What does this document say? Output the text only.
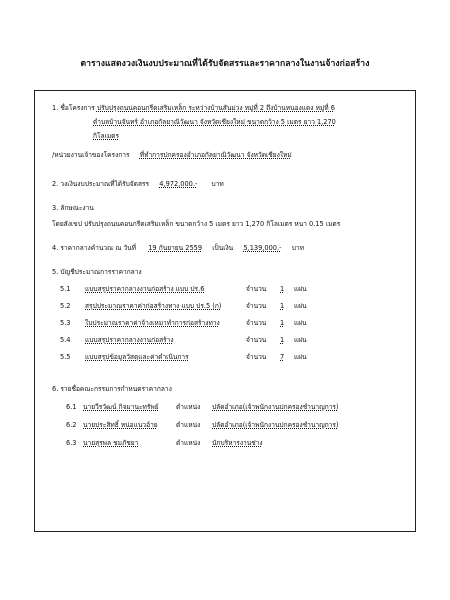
ตารางแสดงวงเงินงบประมาณที่ได้รับจัดสรรและราคากลางในงานจ้างก่อสร้าง
1. ชื่อโครงการ ปรับปรุงถนนคอนกรีตเสริมเหล็ก ระหว่างบ้านสันม่วง หมู่ที่ 2 ถึงบ้านหนองแดง หมู่ที่ 6
ตำบลบ้านจันทร์ อำเภอกัลยาณิวัฒนา จังหวัดเชียงใหม่ ขนาดกว้าง 5 เมตร ยาว 1,270
กิโลเมตร
/หน่วยงานเจ้าของโครงการ ที่ทำการปกครองอำเภอกัลยาณิวัฒนา จังหวัดเชียงใหม่
2. วงเงินงบประมาณที่ได้รับจัดสรร 4,972,000.- บาท
3. ลักษณะงาน
โดยสังเขป ปรับปรุงถนนคอนกรีตเสริมเหล็ก ขนาดกว้าง 5 เมตร ยาว 1,270 กิโลเมตร หนา 0.15 เมตร
4. ราคากลางคำนวณ ณ วันที่ 19 กันยายน 2559 เป็นเงิน 5,139,000.- บาท
5. บัญชีประมาณการราคากลาง
5.1 แบบสรุปราคากลางงานก่อสร้าง แบบ ปร.6	จำนวน 1 แผ่น
5.2 สรุปประมาณราคาค่าก่อสร้างทาง แบบ ปร.5 (ก)	จำนวน 1 แผ่น
5.3 ใบประมาณราคาค่าจ้างเหมาทำการก่อสร้างทาง	จำนวน 1 แผ่น
5.4 แบบสรุปราคากลางงานก่อสร้าง	จำนวน 1 แผ่น
5.5 แบบสรุปข้อมูลวัสดุและค่าดำเนินการ	จำนวน 7 แผ่น
6. รายชื่อคณะกรรมการกำหนดราคากลาง
6.1 นายวีรวัฒน์ กิจมานะทรัพย์	ตำแหน่ง ปลัดอำเภอ(เจ้าพนักงานปกครองชำนาญการ)
6.2 นายประสิทธิ์ หน่อแนวอ้าย	ตำแหน่ง ปลัดอำเภอ(เจ้าพนักงานปกครองชำนาญการ)
6.3 นายสุรพล ชมภัชยา	ตำแหน่ง นักบริหารงานช่าง
